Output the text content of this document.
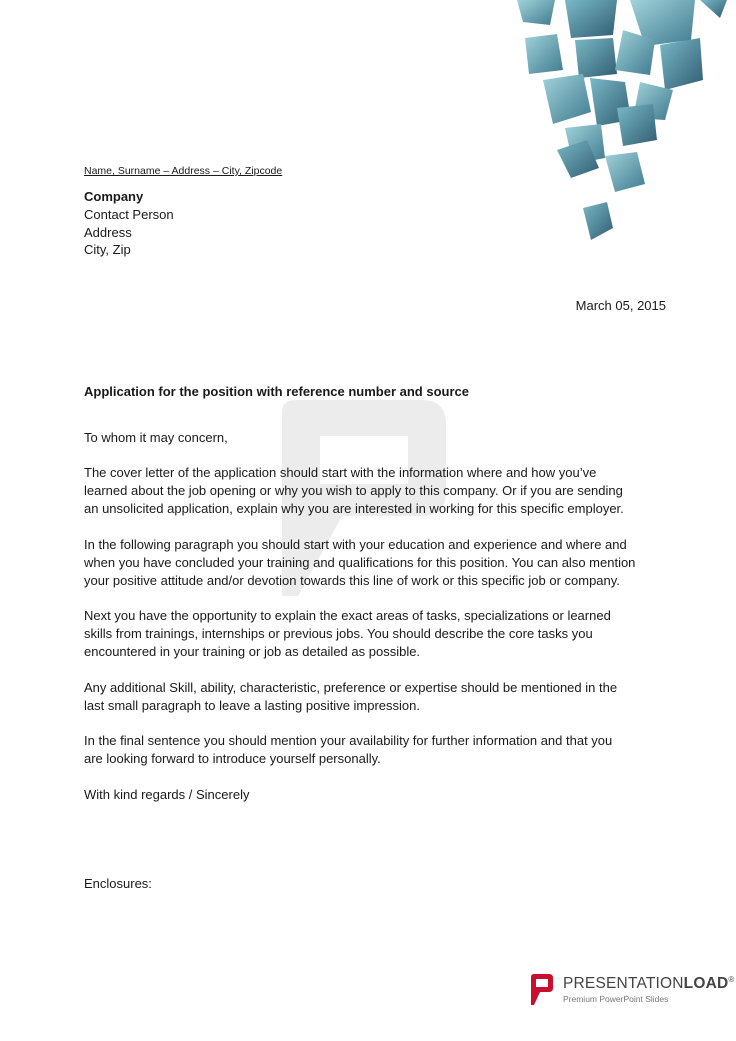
Name, Surname – Address – City, Zipcode
Company
Contact Person
Address
City, Zip
March 05, 2015
Application for the position with reference number and source
To whom it may concern,
The cover letter of the application should start with the information where and how you’ve
learned about the job opening or why you wish to apply to this company. Or if you are sending
an unsolicited application, explain why you are interested in working for this specific employer.
In the following paragraph you should start with your education and experience and where and
when you have concluded your training and qualifications for this position. You can also mention
your positive attitude and/or devotion towards this line of work or this specific job or company.
Next you have the opportunity to explain the exact areas of tasks, specializations or learned
skills from trainings, internships or previous jobs. You should describe the core tasks you
encountered in your training or job as detailed as possible.
Any additional Skill, ability, characteristic, preference or expertise should be mentioned in the
last small paragraph to leave a lasting positive impression.
In the final sentence you should mention your availability for further information and that you
are looking forward to introduce yourself personally.
With kind regards / Sincerely
Enclosures:
PRESENTATIONLOAD®
Premium PowerPoint Slides
